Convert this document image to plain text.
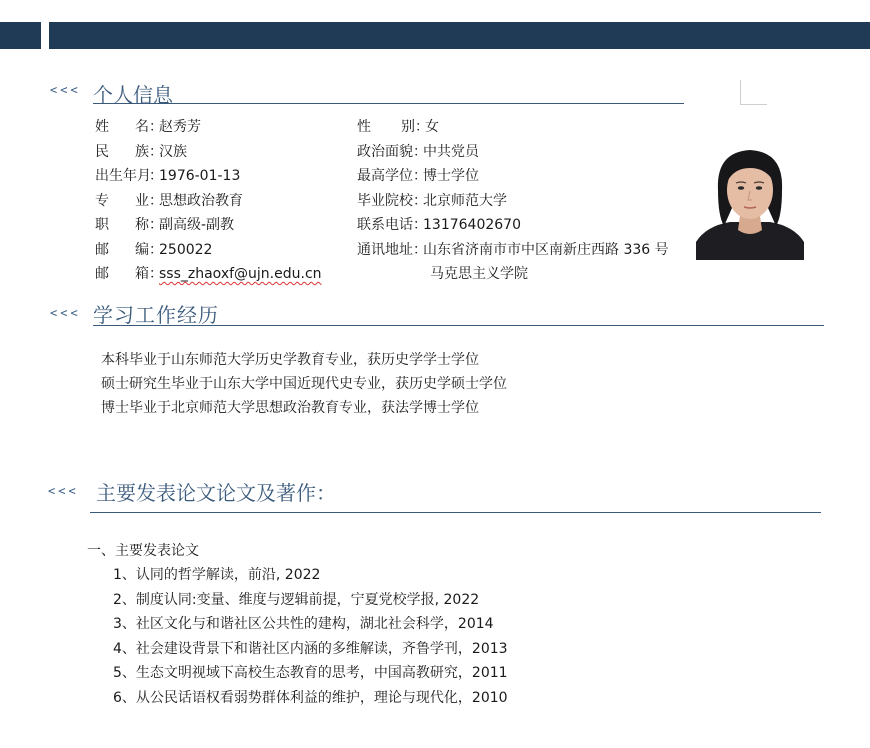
<<< 个人信息
姓名：赵秀芳
民族：汉族
出生年月：1976-01-13
专业：思想政治教育
职称：副高级-副教
邮编：250022
邮箱：sss_zhaoxf@ujn.edu.cn
性别：女
政治面貌：中共党员
最高学位：博士学位
毕业院校：北京师范大学
联系电话：13176402670
通讯地址：山东省济南市市中区南新庄西路 336 号
马克思主义学院
<<< 学习工作经历
本科毕业于山东师范大学历史学教育专业，获历史学学士学位
硕士研究生毕业于山东大学中国近现代史专业，获历史学硕士学位
博士毕业于北京师范大学思想政治教育专业，获法学博士学位
<<< 主要发表论文论文及著作：
一、主要发表论文
1、认同的哲学解读，前沿, 2022
2、制度认同:变量、维度与逻辑前提，宁夏党校学报, 2022
3、社区文化与和谐社区公共性的建构，湖北社会科学，2014
4、社会建设背景下和谐社区内涵的多维解读，齐鲁学刊，2013
5、生态文明视域下高校生态教育的思考，中国高教研究，2011
6、从公民话语权看弱势群体利益的维护，理论与现代化，2010
